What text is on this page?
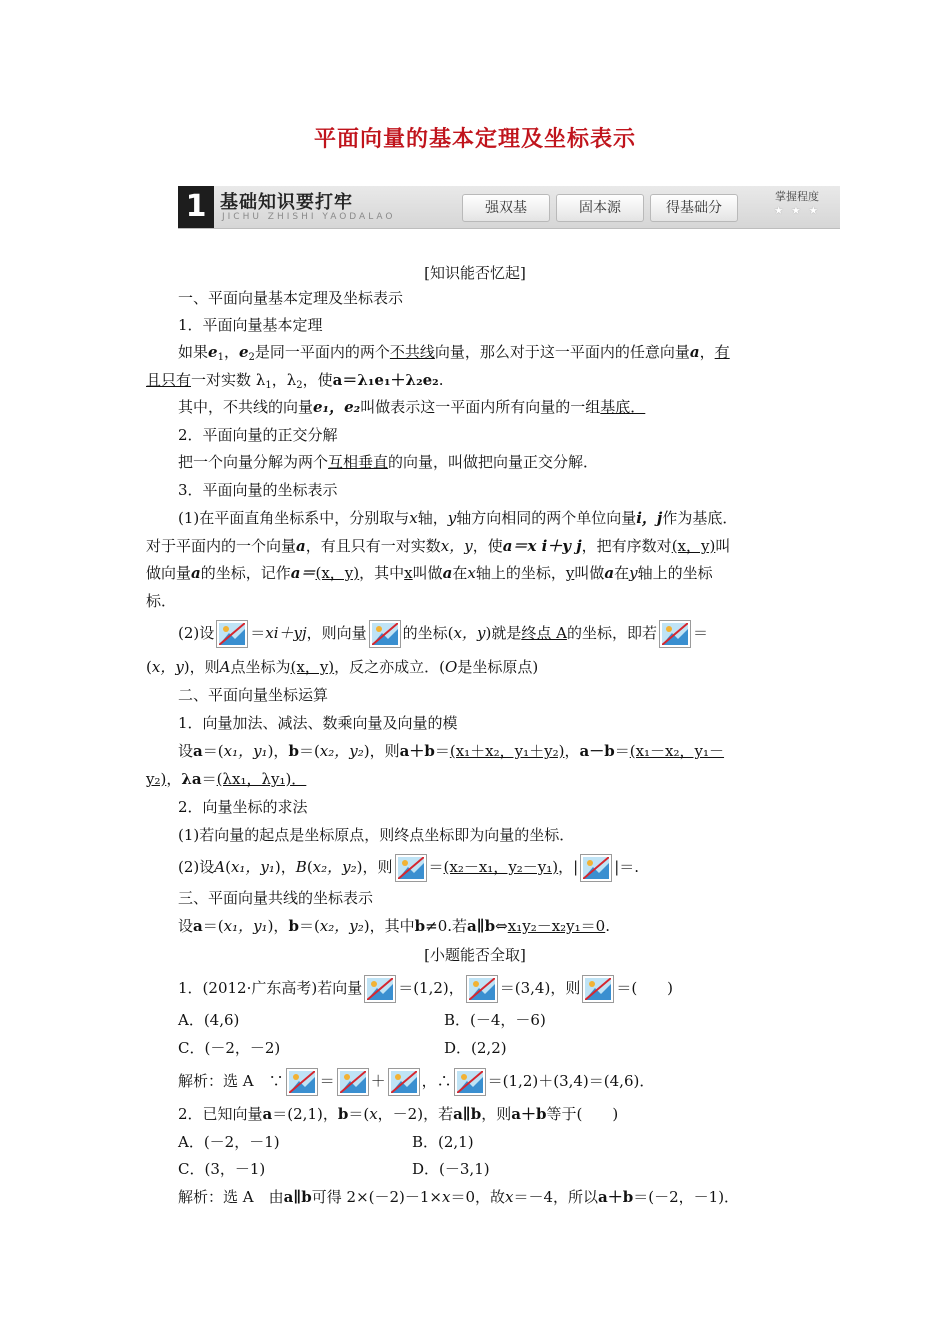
平面向量的基本定理及坐标表示
1 基础知识要打牢
JICHU ZHISHI YAODALAO
强双基	固本源	得基础分
掌握程度
★ ★ ★
[知识能否忆起]
一、平面向量基本定理及坐标表示
1．平面向量基本定理
如果$e_1$，$e_2$是同一平面内的两个不共线向量，那么对于这一平面内的任意向量a，有
且只有一对实数 $\lambda_1$，$\lambda_2$，使a＝λ₁e₁＋λ₂e₂.
其中，不共线的向量e₁，e₂叫做表示这一平面内所有向量的一组基底．
2．平面向量的正交分解
把一个向量分解为两个互相垂直的向量，叫做把向量正交分解．
3．平面向量的坐标表示
(1)在平面直角坐标系中，分别取与x轴，y轴方向相同的两个单位向量i，j作为基底．
对于平面内的一个向量a，有且只有一对实数x，y，使a＝x i＋y j，把有序数对(x，y)叫
做向量a的坐标，记作a＝(x，y)，其中x叫做a在x轴上的坐标，y叫做a在y轴上的坐标
标．
(2)设 ＝xi＋yj，则向量 的坐标(x，y)就是终点 A的坐标，即若 ＝
(x，y)，则A点坐标为(x，y)，反之亦成立．(O是坐标原点)
二、平面向量坐标运算
1．向量加法、减法、数乘向量及向量的模
设a＝(x₁，y₁)，b＝(x₂，y₂)，则a＋b＝(x₁＋x₂，y₁＋y₂)，a－b＝(x₁－x₂，y₁－
y₂)，λa＝(λx₁，λy₁)．
2．向量坐标的求法
(1)若向量的起点是坐标原点，则终点坐标即为向量的坐标．
(2)设A(x₁，y₁)，B(x₂，y₂)，则 ＝(x₂－x₁，y₂－y₁)，| |＝.
三、平面向量共线的坐标表示
设a＝(x₁，y₁)，b＝(x₂，y₂)，其中b≠0.若a∥b⇔x₁y₂－x₂y₁＝0.
[小题能否全取]
1．(2012·广东高考)若向量 ＝(1,2)， ＝(3,4)，则 ＝(　　)
A．(4,6)	B．(－4，－6)
C．(－2，－2)	D．(2,2)
解析：选 A　∵ ＝ ＋ ，∴ ＝(1,2)＋(3,4)＝(4,6)．
2．已知向量a＝(2,1)，b＝(x，－2)，若a∥b，则a＋b等于(　　)
A．(－2，－1)	B．(2,1)
C．(3，－1)	D．(－3,1)
解析：选 A　由a∥b可得 2×(－2)－1×x＝0，故x＝－4，所以a＋b＝(－2，－1)．
